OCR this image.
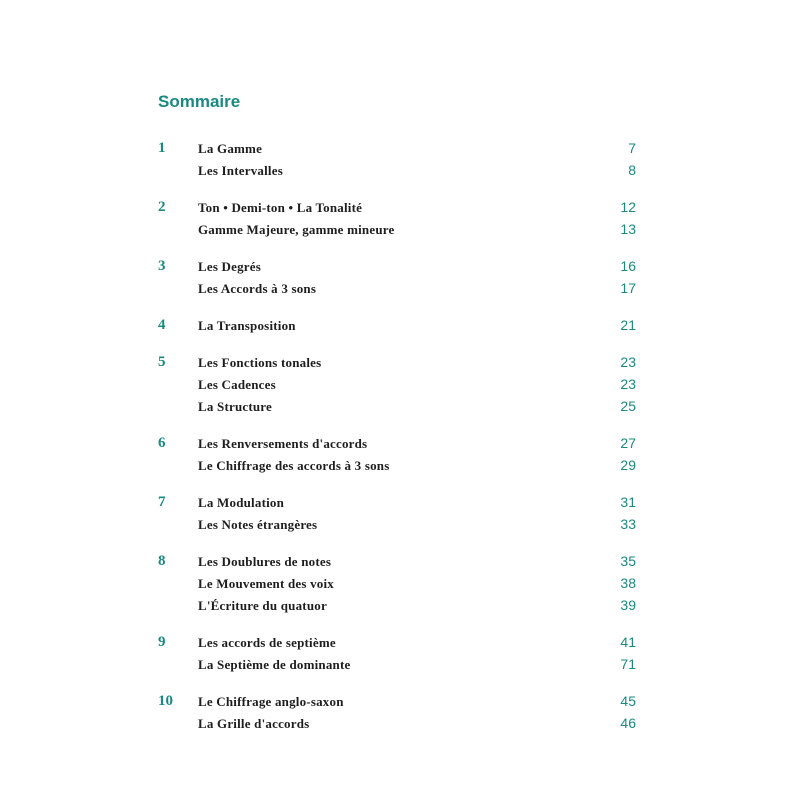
Sommaire
1	La Gamme	7
Les Intervalles	8
2	Ton • Demi-ton • La Tonalité	12
Gamme Majeure, gamme mineure	13
3	Les Degrés	16
Les Accords à 3 sons	17
4	La Transposition	21
5	Les Fonctions tonales	23
Les Cadences	23
La Structure	25
6	Les Renversements d'accords	27
Le Chiffrage des accords à 3 sons	29
7	La Modulation	31
Les Notes étrangères	33
8	Les Doublures de notes	35
Le Mouvement des voix	38
L'Écriture du quatuor	39
9	Les accords de septième	41
La Septième de dominante	71
10 Le Chiffrage anglo-saxon	45
La Grille d'accords	46
